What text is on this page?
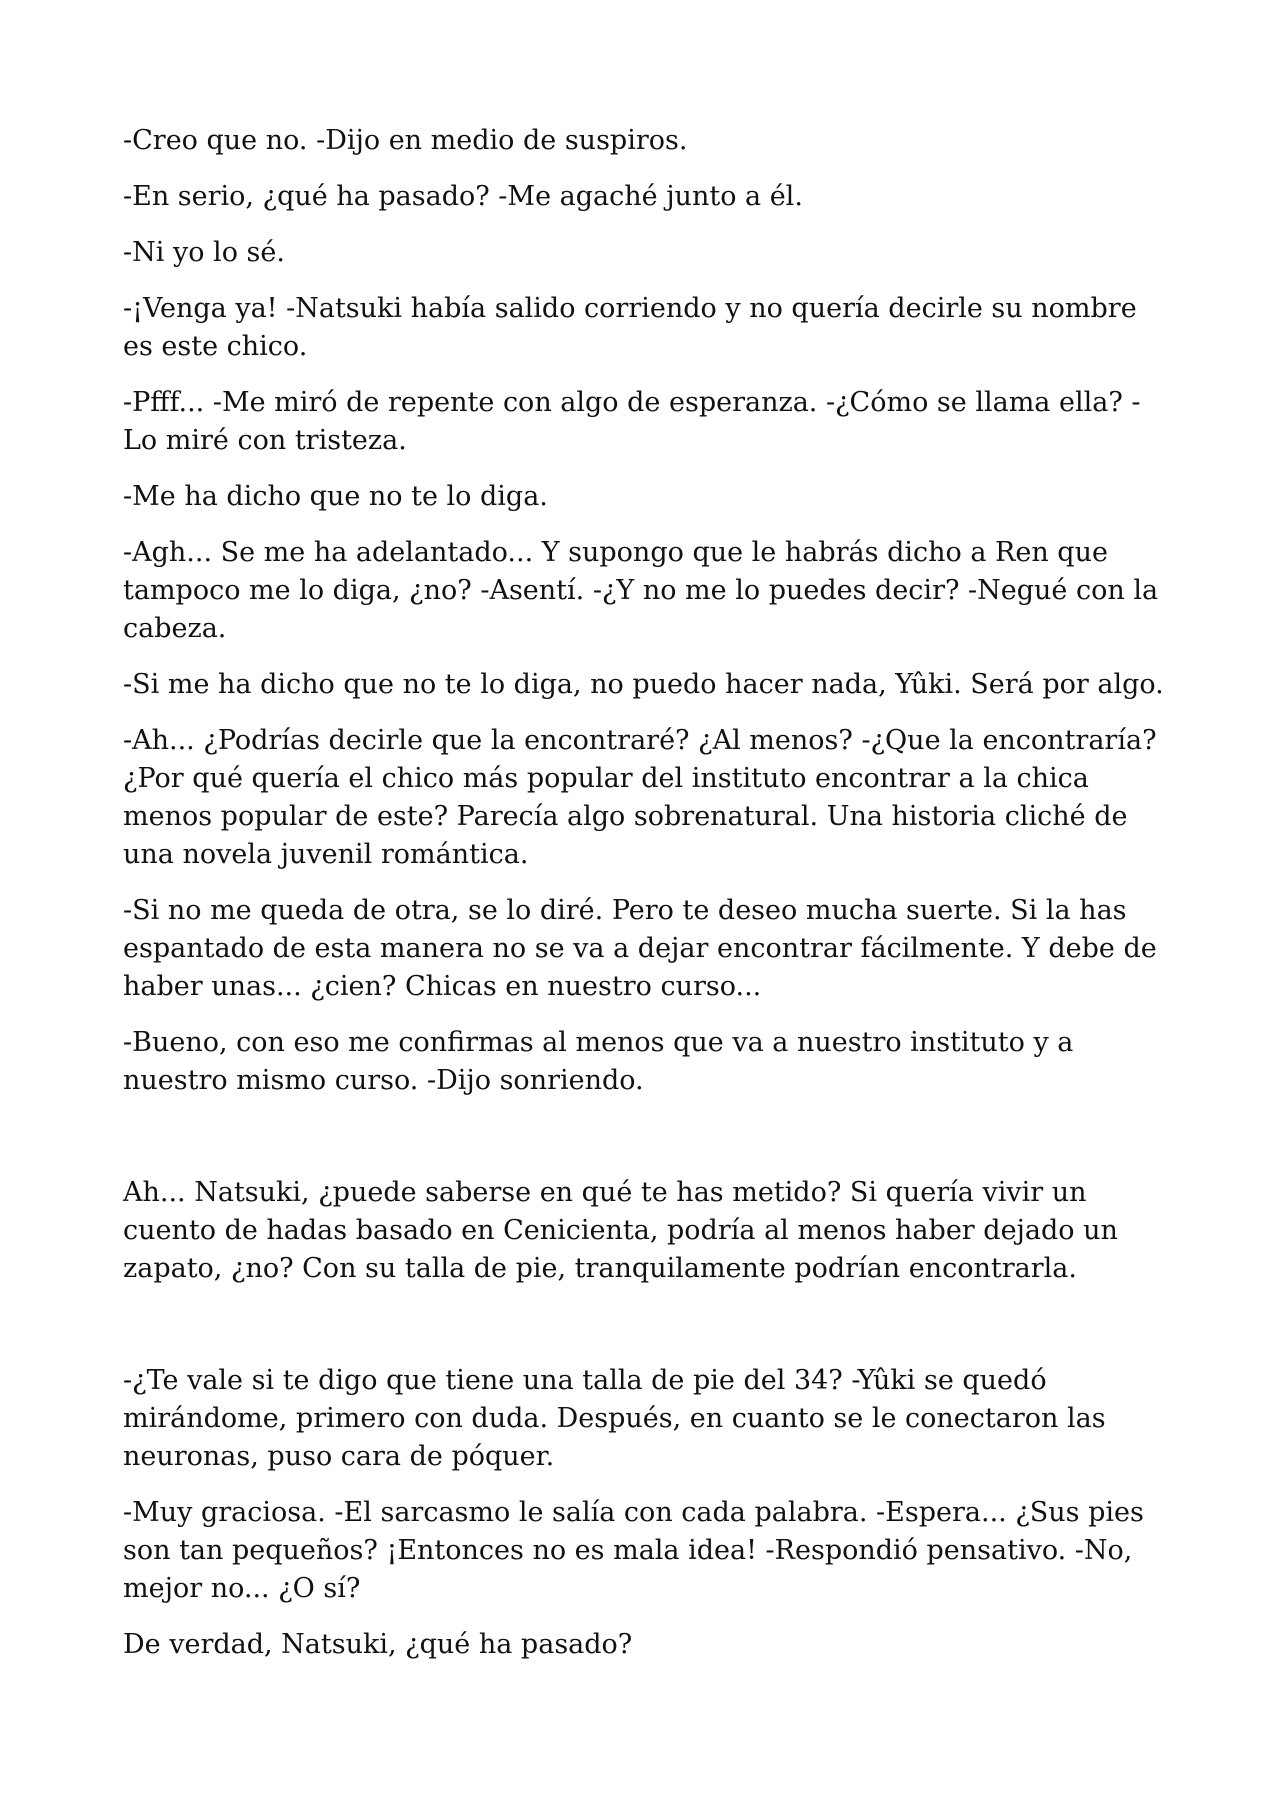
-Creo que no. -Dijo en medio de suspiros.

-En serio, ¿qué ha pasado? -Me agaché junto a él.

-Ni yo lo sé.

-¡Venga ya! -Natsuki había salido corriendo y no quería decirle su nombre es este chico.

-Pfff... -Me miró de repente con algo de esperanza. -¿Cómo se llama ella? -Lo miré con tristeza.

-Me ha dicho que no te lo diga.

-Agh... Se me ha adelantado... Y supongo que le habrás dicho a Ren que tampoco me lo diga, ¿no? -Asentí. -¿Y no me lo puedes decir? -Negué con la cabeza.

-Si me ha dicho que no te lo diga, no puedo hacer nada, Yûki. Será por algo.

-Ah... ¿Podrías decirle que la encontraré? ¿Al menos? -¿Que la encontraría? ¿Por qué quería el chico más popular del instituto encontrar a la chica menos popular de este? Parecía algo sobrenatural. Una historia cliché de una novela juvenil romántica.

-Si no me queda de otra, se lo diré. Pero te deseo mucha suerte. Si la has espantado de esta manera no se va a dejar encontrar fácilmente. Y debe de haber unas... ¿cien? Chicas en nuestro curso...

-Bueno, con eso me confirmas al menos que va a nuestro instituto y a nuestro mismo curso. -Dijo sonriendo.

Ah... Natsuki, ¿puede saberse en qué te has metido? Si quería vivir un cuento de hadas basado en Cenicienta, podría al menos haber dejado un zapato, ¿no? Con su talla de pie, tranquilamente podrían encontrarla.

-¿Te vale si te digo que tiene una talla de pie del 34? -Yûki se quedó mirándome, primero con duda. Después, en cuanto se le conectaron las neuronas, puso cara de póquer.

-Muy graciosa. -El sarcasmo le salía con cada palabra. -Espera... ¿Sus pies son tan pequeños? ¡Entonces no es mala idea! -Respondió pensativo. -No, mejor no... ¿O sí?

De verdad, Natsuki, ¿qué ha pasado?
